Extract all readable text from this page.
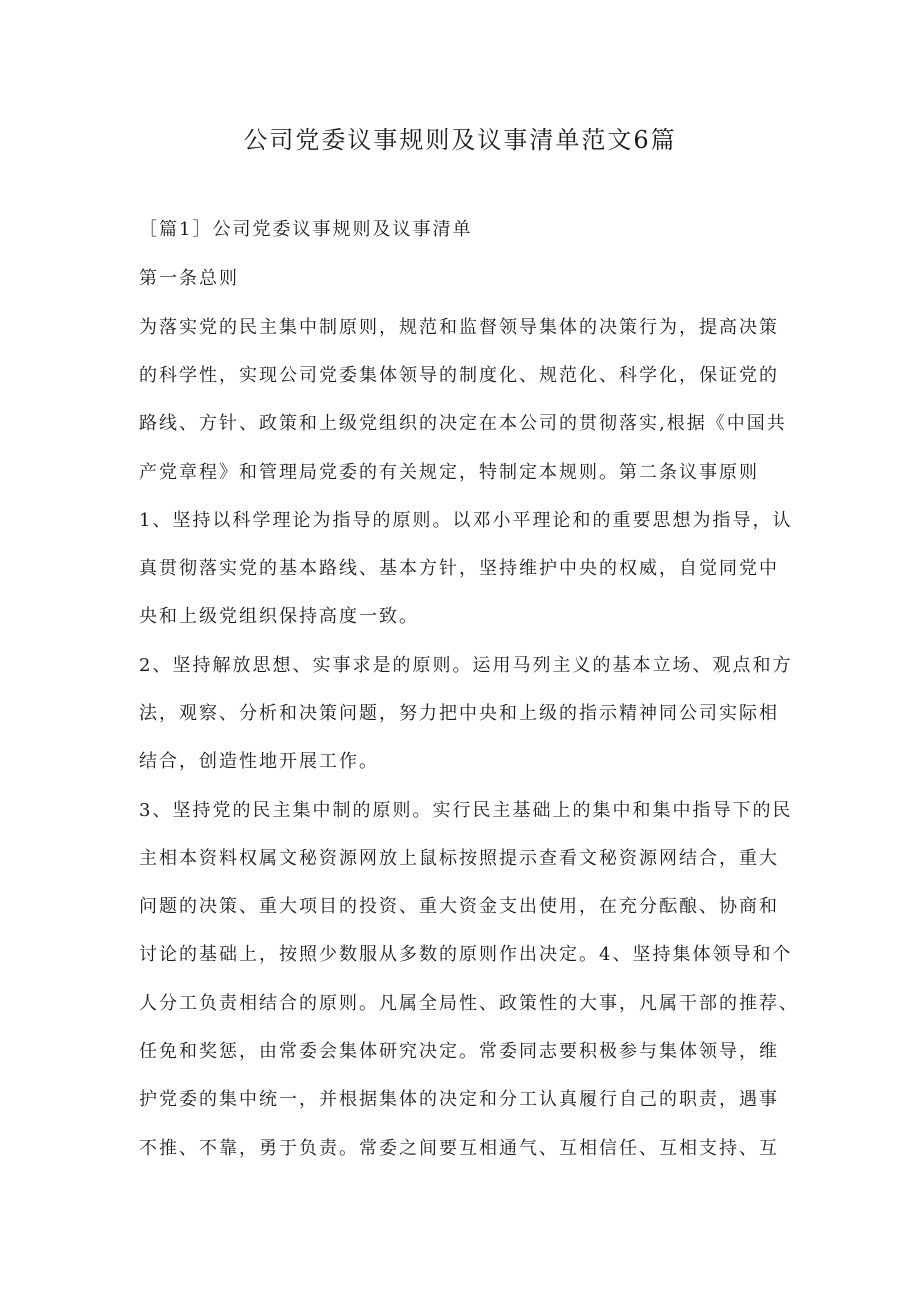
公司党委议事规则及议事清单范文6篇
［篇1］公司党委议事规则及议事清单
第一条总则
为落实党的民主集中制原则，规范和监督领导集体的决策行为，提高决策
的科学性，实现公司党委集体领导的制度化、规范化、科学化，保证党的
路线、方针、政策和上级党组织的决定在本公司的贯彻落实,根据《中国共
产党章程》和管理局党委的有关规定，特制定本规则。第二条议事原则
1、坚持以科学理论为指导的原则。以邓小平理论和的重要思想为指导，认
真贯彻落实党的基本路线、基本方针，坚持维护中央的权威，自觉同党中
央和上级党组织保持高度一致。
2、坚持解放思想、实事求是的原则。运用马列主义的基本立场、观点和方
法，观察、分析和决策问题，努力把中央和上级的指示精神同公司实际相
结合，创造性地开展工作。
3、坚持党的民主集中制的原则。实行民主基础上的集中和集中指导下的民
主相本资料权属文秘资源网放上鼠标按照提示查看文秘资源网结合，重大
问题的决策、重大项目的投资、重大资金支出使用，在充分酝酿、协商和
讨论的基础上，按照少数服从多数的原则作出决定。4、坚持集体领导和个
人分工负责相结合的原则。凡属全局性、政策性的大事，凡属干部的推荐、
任免和奖惩，由常委会集体研究决定。常委同志要积极参与集体领导，维
护党委的集中统一，并根据集体的决定和分工认真履行自己的职责，遇事
不推、不靠，勇于负责。常委之间要互相通气、互相信任、互相支持、互
